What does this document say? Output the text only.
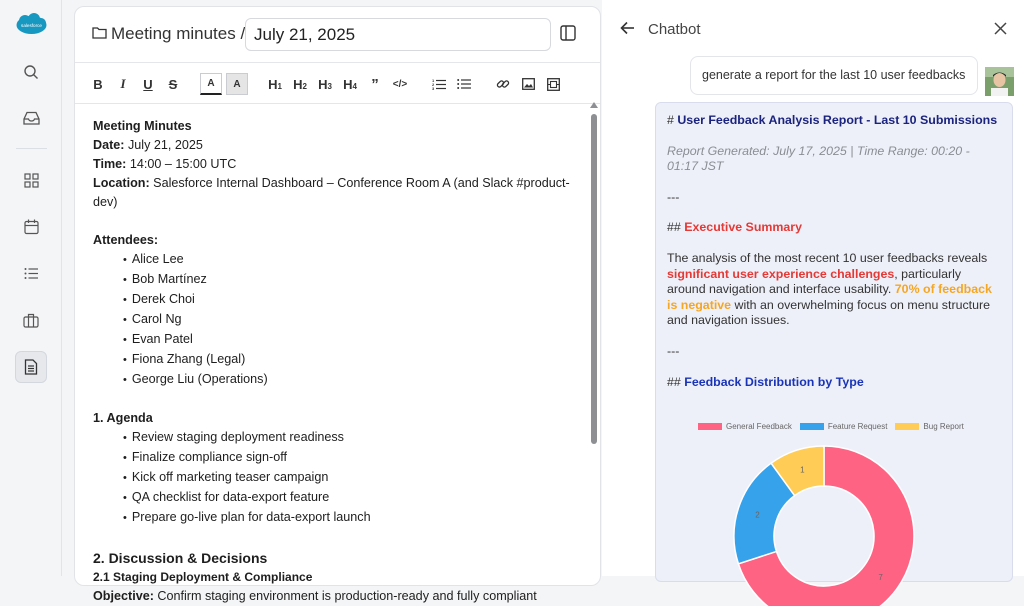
salesforce	Meeting minutes /
July 21, 2025
B	I	U S	A	A	H 1 H 2 H 3 H 4 ”	</>	1
2
3
Meeting Minutes
Date: July 21, 2025
Time: 14:00 – 15:00 UTC
Location: Salesforce Internal Dashboard – Conference Room A (and Slack #product-
dev)
Attendees:
• Alice Lee
• Bob Martínez
• Derek Choi
• Carol Ng
• Evan Patel
• Fiona Zhang (Legal)
• George Liu (Operations)
1. Agenda
• Review staging deployment readiness
• Finalize compliance sign-off
• Kick off marketing teaser campaign
• QA checklist for data-export feature
• Prepare go-live plan for data-export launch
2. Discussion & Decisions
2.1 Staging Deployment & Compliance
Objective: Confirm staging environment is production-ready and fully compliant
Chatbot
generate a report for the last 10 user feedbacks
# User Feedback Analysis Report - Last 10 Submissions
Report Generated: July 17, 2025 | Time Range: 00:20 - 01:17 JST
---
## Executive Summary
The analysis of the most recent 10 user feedbacks reveals significant user experience challenges, particularly around navigation and interface usability. 70% of feedback is negative with an overwhelming focus on menu structure and navigation issues.
---
## Feedback Distribution by Type
General Feedback	Feature Request	Bug Report
7
2
1
